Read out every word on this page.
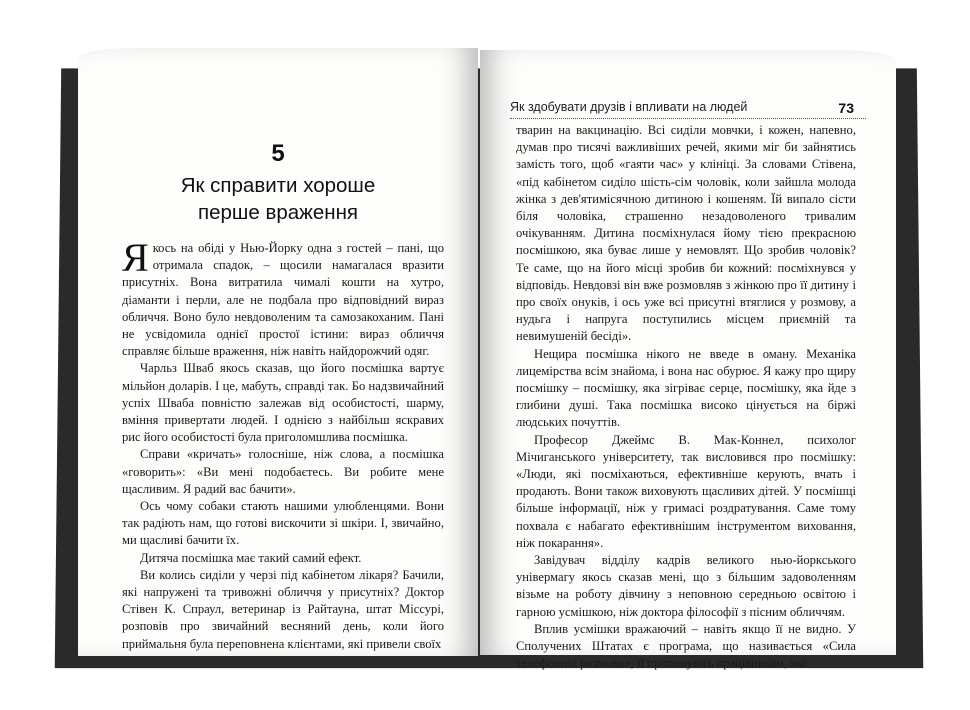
5
Як справити хороше
перше враження

Якось на обіді у Нью-Йорку одна з гостей – пані, що отримала спадок, – щосили намагалася вразити присутніх. Вона витратила чималі кошти на хутро, діаманти і перли, але не подбала про відповідний вираз обличчя. Воно було невдоволеним та самозакоханим. Пані не усвідомила однієї простої істини: вираз обличчя справляє більше враження, ніж навіть найдорожчий одяг.

Чарльз Шваб якось сказав, що його посмішка вартує мільйон доларів. І це, мабуть, справді так. Бо надзвичайний успіх Шваба повністю залежав від особистості, шарму, вміння привертати людей. І однією з найбільш яскравих рис його особистості була приголомшлива посмішка.

Справи «кричать» голосніше, ніж слова, а посмішка «говорить»: «Ви мені подобаєтесь. Ви робите мене щасливим. Я радий вас бачити».

Ось чому собаки стають нашими улюбленцями. Вони так радіють нам, що готові вискочити зі шкіри. І, звичайно, ми щасливі бачити їх.

Дитяча посмішка має такий самий ефект.

Ви колись сиділи у черзі під кабінетом лікаря? Бачили, які напружені та тривожні обличчя у присутніх? Доктор Стівен К. Спраул, ветеринар із Райтауна, штат Міссурі, розповів про звичайний весняний день, коли його приймальня була переповнена клієнтами, які привели своїх

Як здобувати друзів і впливати на людей	73

тварин на вакцинацію. Всі сиділи мовчки, і кожен, напевно, думав про тисячі важливіших речей, якими міг би зайнятись замість того, щоб «гаяти час» у клініці. За словами Стівена, «під кабінетом сиділо шість-сім чоловік, коли зайшла молода жінка з дев'ятимісячною дитиною і кошеням. Їй випало сісти біля чоловіка, страшенно незадоволеного тривалим очікуванням. Дитина посміхнулася йому тією прекрасною посмішкою, яка буває лише у немовлят. Що зробив чоловік? Те саме, що на його місці зробив би кожний: посміхнувся у відповідь. Невдовзі він вже розмовляв з жінкою про її дитину і про своїх онуків, і ось уже всі присутні втяглися у розмову, а нудьга і напруга поступились місцем приємній та невимушеній бесіді».

Нещира посмішка нікого не введе в оману. Механіка лицемірства всім знайома, і вона нас обурює. Я кажу про щиру посмішку – посмішку, яка зігріває серце, посмішку, яка йде з глибини душі. Така посмішка високо цінується на біржі людських почуттів.

Професор Джеймс В. Мак-Коннел, психолог Мічиганського університету, так висловився про посмішку: «Люди, які посміхаються, ефективніше керують, вчать і продають. Вони також виховують щасливих дітей. У посмішці більше інформації, ніж у гримасі роздратування. Саме тому похвала є набагато ефективнішим інструментом виховання, ніж покарання».

Завідувач відділу кадрів великого нью-йоркського універмагу якось сказав мені, що з більшим задоволенням візьме на роботу дівчину з неповною середньою освітою і гарною усмішкою, ніж доктора філософії з пісним обличчям.

Вплив усмішки вражаючий – навіть якщо її не видно. У Сполучених Штатах є програма, що називається «Сила телефонної розмови»; її пропонують працівникам, які
